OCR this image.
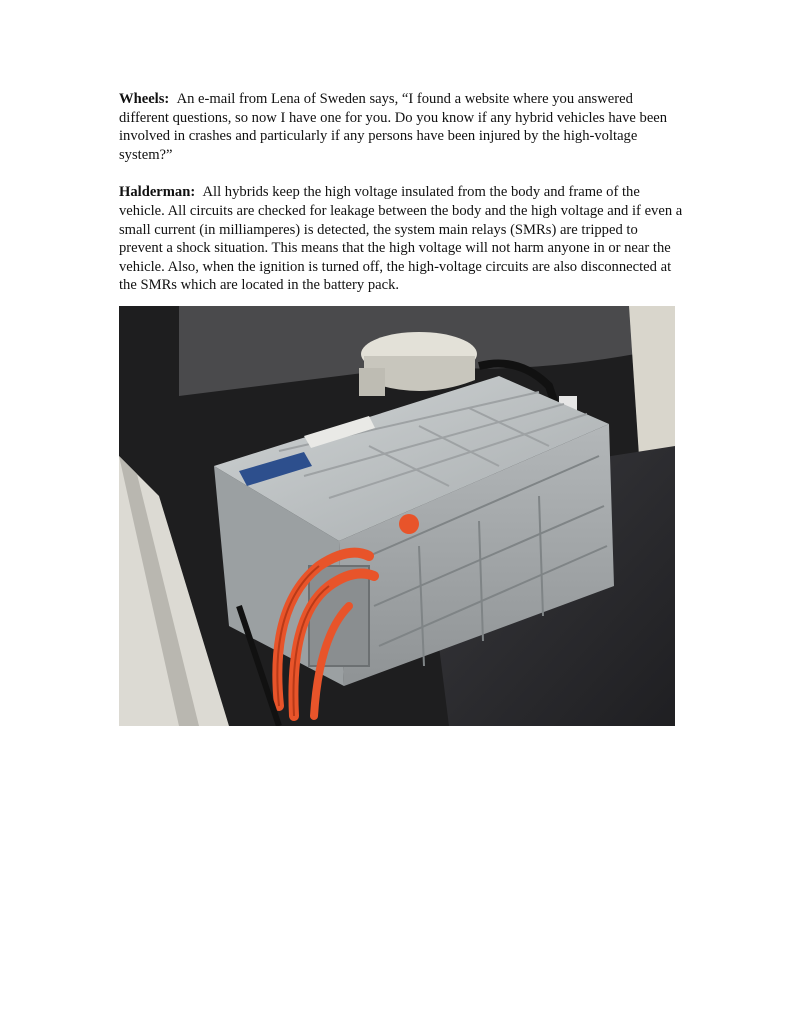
Wheels: An e-mail from Lena of Sweden says, “I found a website where you answered different questions, so now I have one for you. Do you know if any hybrid vehicles have been involved in crashes and particularly if any persons have been injured by the high-voltage system?”

Halderman: All hybrids keep the high voltage insulated from the body and frame of the vehicle. All circuits are checked for leakage between the body and the high voltage and if even a small current (in milliamperes) is detected, the system main relays (SMRs) are tripped to prevent a shock situation. This means that the high voltage will not harm anyone in or near the vehicle. Also, when the ignition is turned off, the high-voltage circuits are also disconnected at the SMRs which are located in the battery pack.
